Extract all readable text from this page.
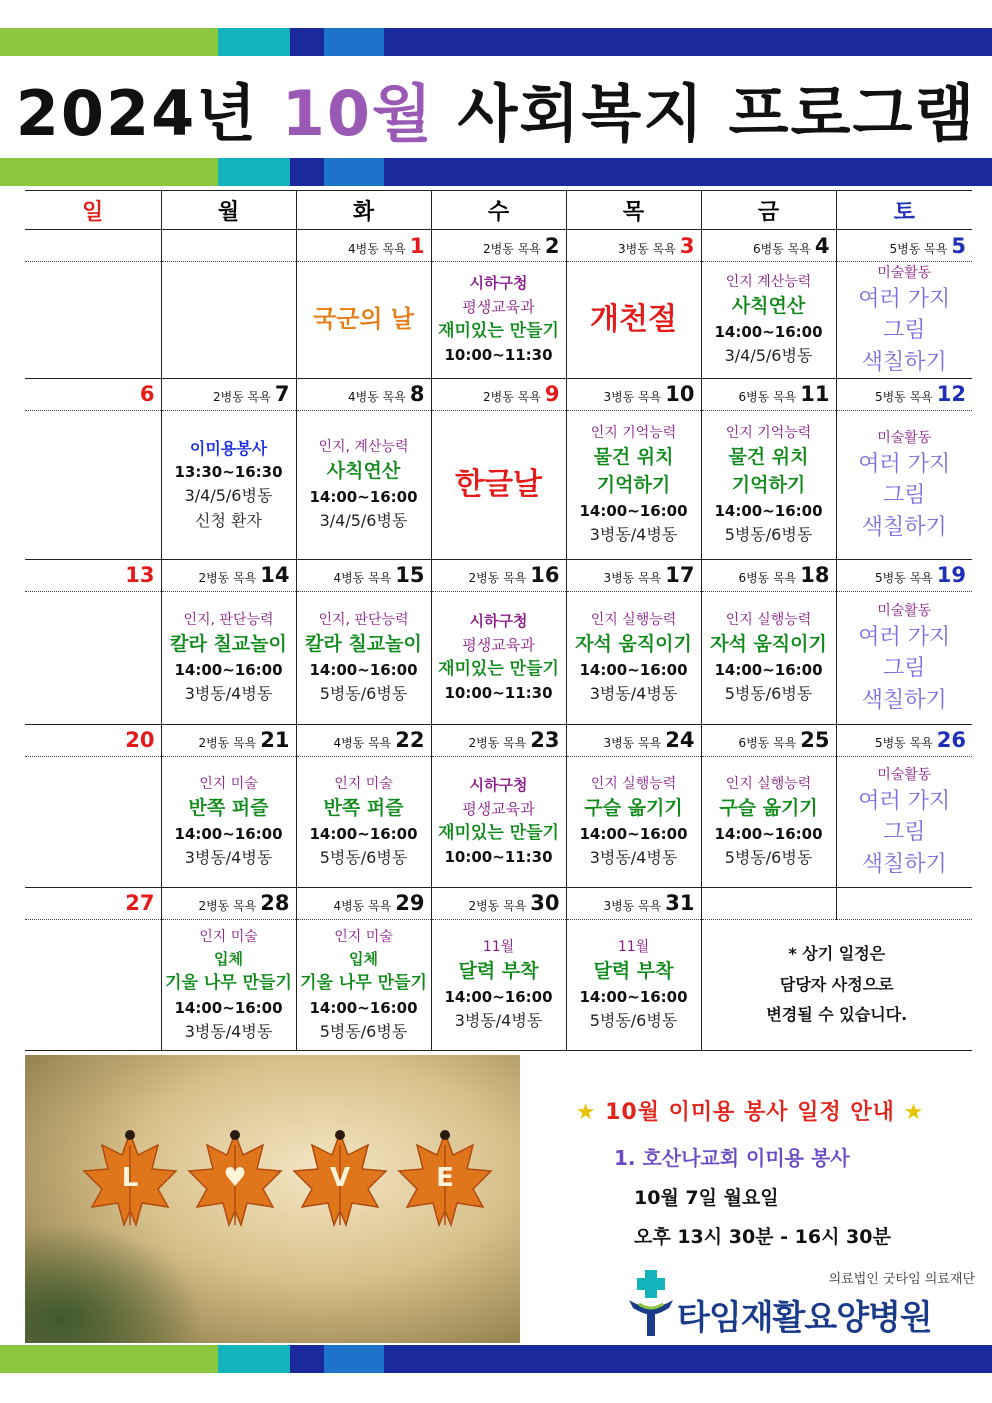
2024년 10월 사회복지 프로그램
일	월	화	수	목	금	토
		4병동 목욕 1	2병동 목욕 2	3병동 목욕 3	6병동 목욕 4	5병동 목욕 5

		국군의 날	시하구청
평생교육과
재미있는 만들기
10:00~11:30	개천절	인지 계산능력
사칙연산
14:00~16:00
3/4/5/6병동	미술활동
여러 가지
그림
색칠하기

6	2병동 목욕 7	4병동 목욕 8	2병동 목욕 9	3병동 목욕 10	6병동 목욕 11	5병동 목욕 12

	이미용봉사
13:30~16:30
3/4/5/6병동
신청 환자	인지, 계산능력
사칙연산
14:00~16:00
3/4/5/6병동	한글날	인지 기억능력
물건 위치
기억하기
14:00~16:00
3병동/4병동	인지 기억능력
물건 위치
기억하기
14:00~16:00
5병동/6병동	미술활동
여러 가지
그림
색칠하기

13	2병동 목욕 14	4병동 목욕 15	2병동 목욕 16	3병동 목욕 17	6병동 목욕 18	5병동 목욕 19

	인지, 판단능력
칼라 칠교놀이
14:00~16:00
3병동/4병동	인지, 판단능력
칼라 칠교놀이
14:00~16:00
5병동/6병동	시하구청
평생교육과
재미있는 만들기
10:00~11:30	인지 실행능력
자석 움직이기
14:00~16:00
3병동/4병동	인지 실행능력
자석 움직이기
14:00~16:00
5병동/6병동	미술활동
여러 가지
그림
색칠하기

20	2병동 목욕 21	4병동 목욕 22	2병동 목욕 23	3병동 목욕 24	6병동 목욕 25	5병동 목욕 26

	인지 미술
반쪽 퍼즐
14:00~16:00
3병동/4병동	인지 미술
반쪽 퍼즐
14:00~16:00
5병동/6병동	시하구청
평생교육과
재미있는 만들기
10:00~11:30	인지 실행능력
구슬 옮기기
14:00~16:00
3병동/4병동	인지 실행능력
구슬 옮기기
14:00~16:00
5병동/6병동	미술활동
여러 가지
그림
색칠하기

27	2병동 목욕 28	4병동 목욕 29	2병동 목욕 30	3병동 목욕 31		

	인지 미술
입체
기울 나무 만들기
14:00~16:00
3병동/4병동	인지 미술
입체
기울 나무 만들기
14:00~16:00
5병동/6병동	11월
달력 부착
14:00~16:00
3병동/4병동	11월
달력 부착
14:00~16:00
5병동/6병동	* 상기 일정은
담당자 사정으로
변경될 수 있습니다.	
L	♥	V	E
★ 10월 이미용 봉사 일정 안내 ★
1. 호산나교회 이미용 봉사
10월 7일 월요일
오후 13시 30분 - 16시 30분
의료법인 굿타임 의료재단
타임재활요양병원
